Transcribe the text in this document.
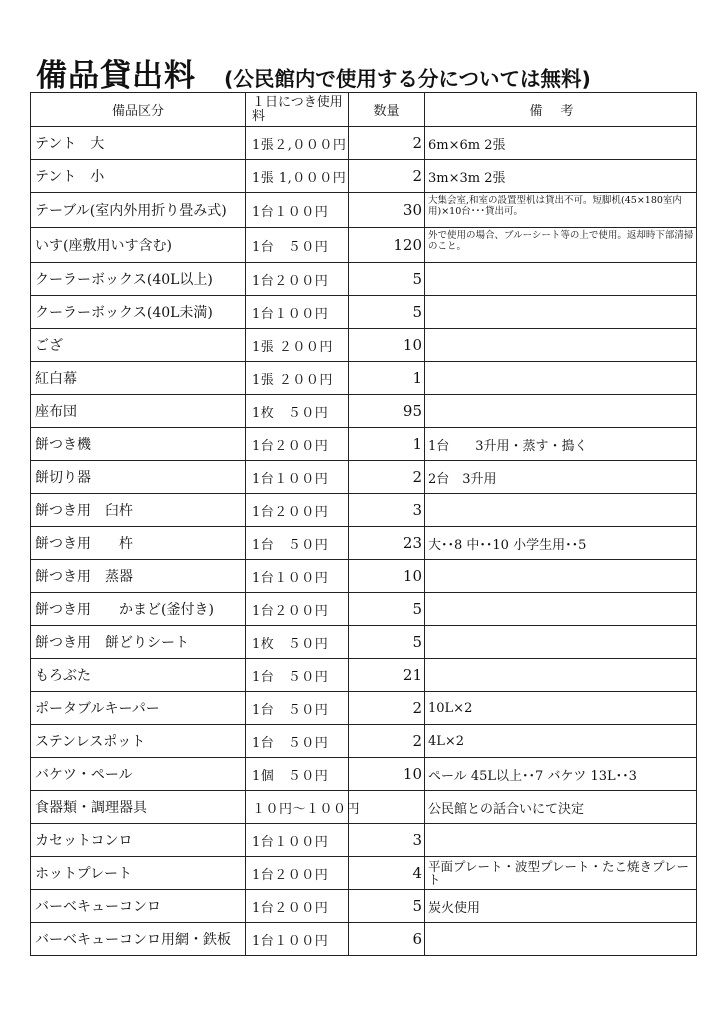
備品貸出料 (公民館内で使用する分については無料)
備品区分	１日につき使用料	数量	備考
テント　大	1張２,０００円	2	6m×6m 2張
テント　小	1張 1,０００円	2	3m×3m 2張
テーブル(室内外用折り畳み式)	1台１００円	30	大集会室,和室の設置型机は貸出不可。短脚机(45×180室内用)×10台･･･貸出可。
いす(座敷用いす含む)	1台　５０円	120	外で使用の場合、ブルーシート等の上で使用。返却時下部清掃のこと。
クーラーボックス(40L以上)	1台２００円	5	
クーラーボックス(40L未満)	1台１００円	5	
ござ	1張 ２００円	10	
紅白幕	1張 ２００円	1	
座布団	1枚　５０円	95	
餅つき機	1台２００円	1	1台　　3升用・蒸す・搗く
餅切り器	1台１００円	2	2台　3升用
餅つき用　臼杵	1台２００円	3	
餅つき用　　杵	1台　５０円	23	大･･8 中･･10 小学生用･･5
餅つき用　蒸器	1台１００円	10	
餅つき用　　かまど(釜付き)	1台２００円	5	
餅つき用　餅どりシート	1枚　５０円	5	
もろぶた	1台　５０円	21	
ポータブルキーパー	1台　５０円	2	10L×2
ステンレスポット	1台　５０円	2	4L×2
バケツ・ペール	1個　５０円	10	ペール 45L以上･･7 バケツ 13L･･3
食器類・調理器具	１０円～１００円		公民館との話合いにて決定
カセットコンロ	1台１００円	3	
ホットプレート	1台２００円	4	平面プレート・波型プレート・たこ焼きプレート
バーベキューコンロ	1台２００円	5	炭火使用
バーベキューコンロ用網・鉄板	1台１００円	6	
